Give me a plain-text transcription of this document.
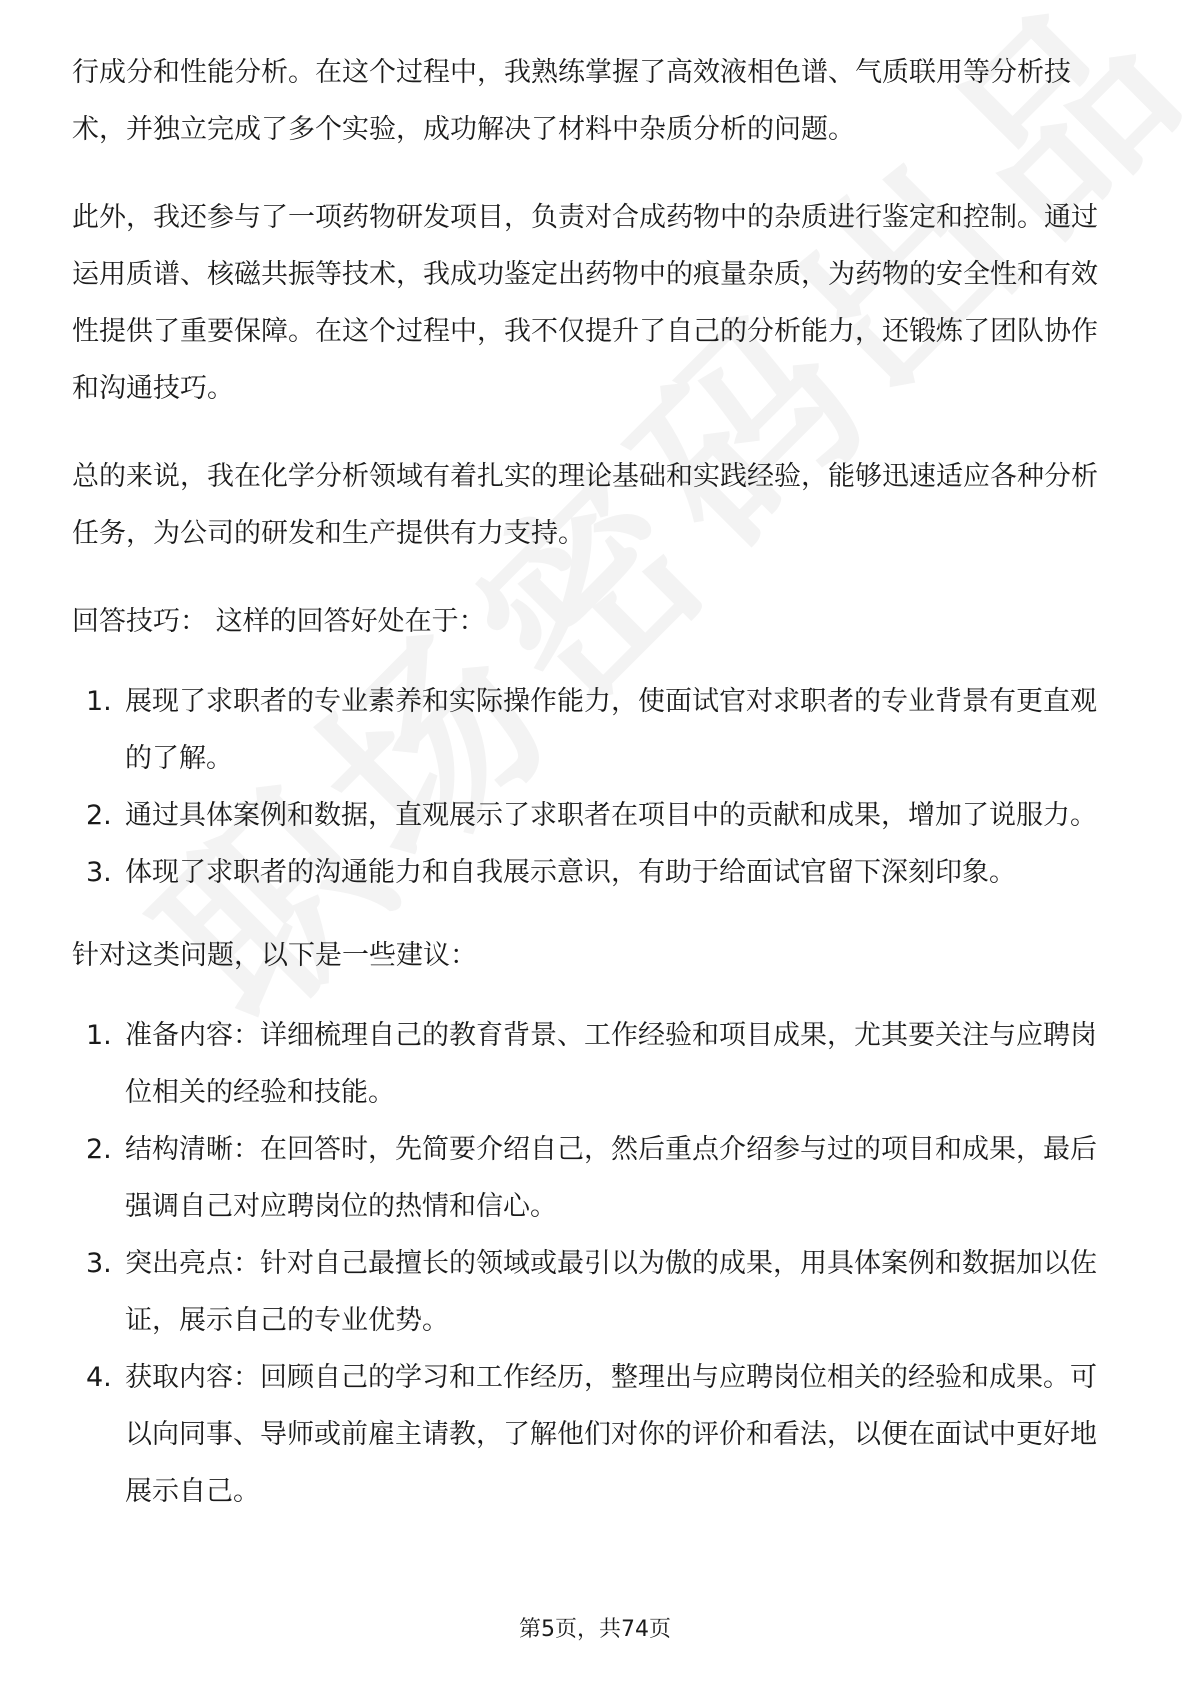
行成分和性能分析。在这个过程中，我熟练掌握了高效液相色谱、气质联用等分析技术，并独立完成了多个实验，成功解决了材料中杂质分析的问题。

此外，我还参与了一项药物研发项目，负责对合成药物中的杂质进行鉴定和控制。通过运用质谱、核磁共振等技术，我成功鉴定出药物中的痕量杂质，为药物的安全性和有效性提供了重要保障。在这个过程中，我不仅提升了自己的分析能力，还锻炼了团队协作和沟通技巧。

总的来说，我在化学分析领域有着扎实的理论基础和实践经验，能够迅速适应各种分析任务，为公司的研发和生产提供有力支持。

回答技巧： 这样的回答好处在于：

1. 展现了求职者的专业素养和实际操作能力，使面试官对求职者的专业背景有更直观的了解。
2. 通过具体案例和数据，直观展示了求职者在项目中的贡献和成果，增加了说服力。
3. 体现了求职者的沟通能力和自我展示意识，有助于给面试官留下深刻印象。

针对这类问题，以下是一些建议：

1. 准备内容：详细梳理自己的教育背景、工作经验和项目成果，尤其要关注与应聘岗位相关的经验和技能。
2. 结构清晰：在回答时，先简要介绍自己，然后重点介绍参与过的项目和成果，最后强调自己对应聘岗位的热情和信心。
3. 突出亮点：针对自己最擅长的领域或最引以为傲的成果，用具体案例和数据加以佐证，展示自己的专业优势。
4. 获取内容：回顾自己的学习和工作经历，整理出与应聘岗位相关的经验和成果。可以向同事、导师或前雇主请教，了解他们对你的评价和看法，以便在面试中更好地展示自己。
第5页，共74页
